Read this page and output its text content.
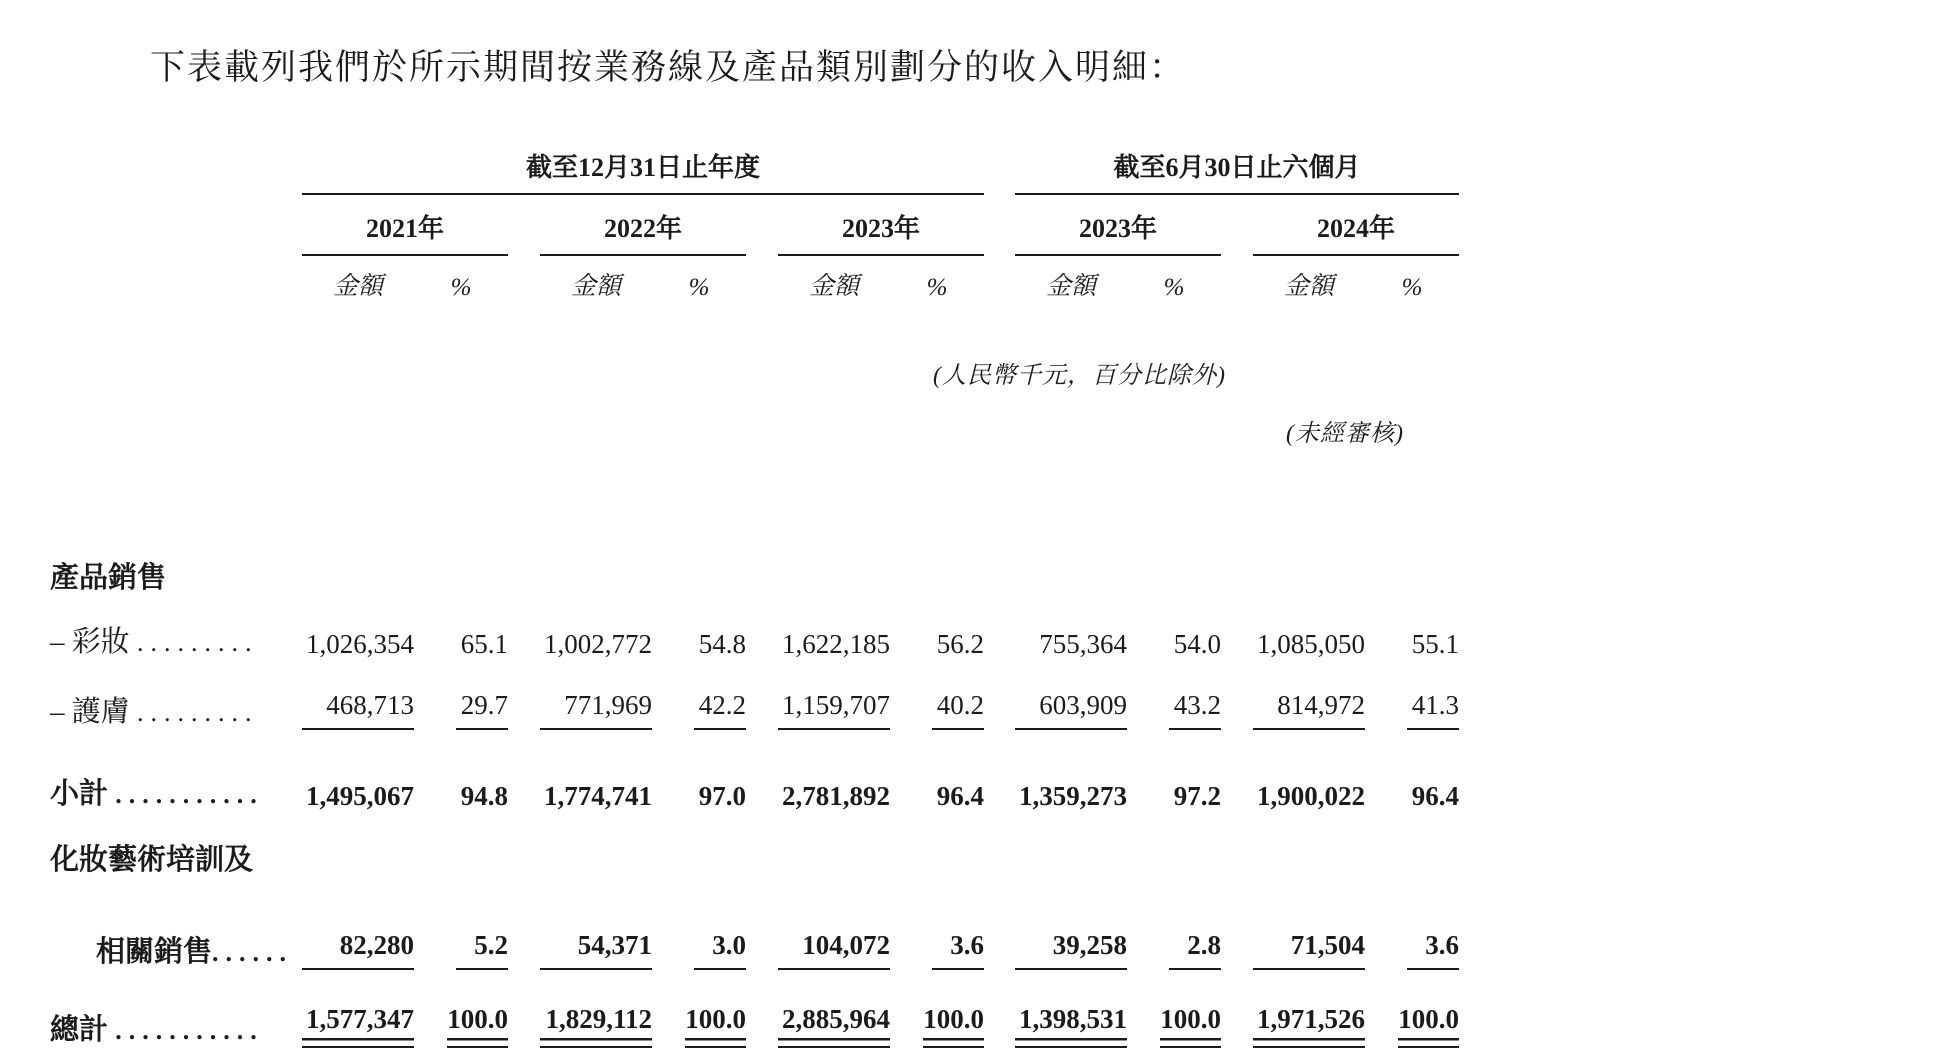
下表載列我們於所示期間按業務線及產品類別劃分的收入明細：
(人民幣千元，百分比除外)
(未經審核)
	截至12月31日止年度									截至6月30日止六個月				
	2021年			2022年			2023年			2023年			2024年	
	金額	%		金額	%		金額	%		金額	%		金額	%

產品銷售														
– 彩妝 .........	1,026,354	65.1		1,002,772	54.8		1,622,185	56.2		755,364	54.0		1,085,050	55.1
– 護膚 .........	468,713	29.7		771,969	42.2		1,159,707	40.2		603,909	43.2		814,972	41.3
小計 ...........	1,495,067	94.8		1,774,741	97.0		2,781,892	96.4		1,359,273	97.2		1,900,022	96.4
化妝藝術培訓及														
相關銷售......	82,280	5.2		54,371	3.0		104,072	3.6		39,258	2.8		71,504	3.6
總計 ...........	1,577,347	100.0		1,829,112	100.0		2,885,964	100.0		1,398,531	100.0		1,971,526	100.0
